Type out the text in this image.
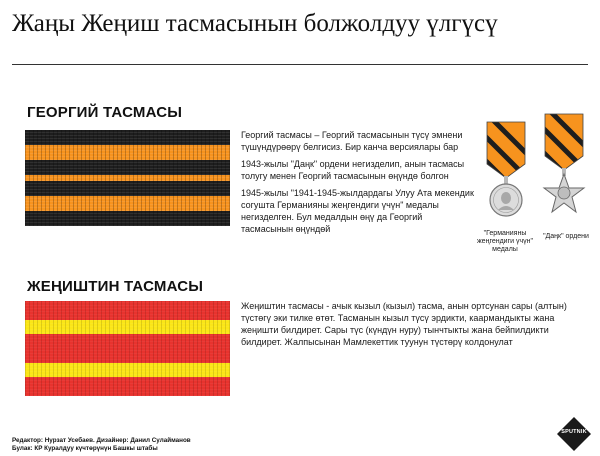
Жаңы Жеңиш тасмасынын болжолдуу үлгүсү
ГЕОРГИЙ ТАСМАСЫ

Георгий тасмасы – Георгий тасмасынын түсү эмнени түшүндүрөөрү белгисиз. Бир канча версиялары бар

1943-жылы "Даңк" ордени негизделип, анын тасмасы толугу менен Георгий тасмасынын өңүндө болгон

1945-жылы "1941-1945-жылдардагы Улуу Ата мекендик согушта Германияны жеңгендиги үчүн" медалы негизделген. Бул медалдын өңү да Георгий тасмасынын өңүндөй	"Германияны жеңгендиги үчүн" медалы
"Даңк" ордени
ЖЕҢИШТИН ТАСМАСЫ
Жеңиштин тасмасы - ачык кызыл (кызыл) тасма, анын ортсунан сары (алтын) түстөгү эки тилке өтөт. Тасманын кызыл түсү эрдикти, каармандыкты жана жеңишти билдирет. Сары түс (күндүн нуру) тынчтыкты жана бейпилдикти билдирет. Жалпысынан Мамлекеттик туунун түстөрү колдонулат
Редактор: Нурзат Усебаев. Дизайнер: Данил Сулайманов
Булак: КР Куралдуу күчтөрүнүн Башкы штабы
SPUTNIK
